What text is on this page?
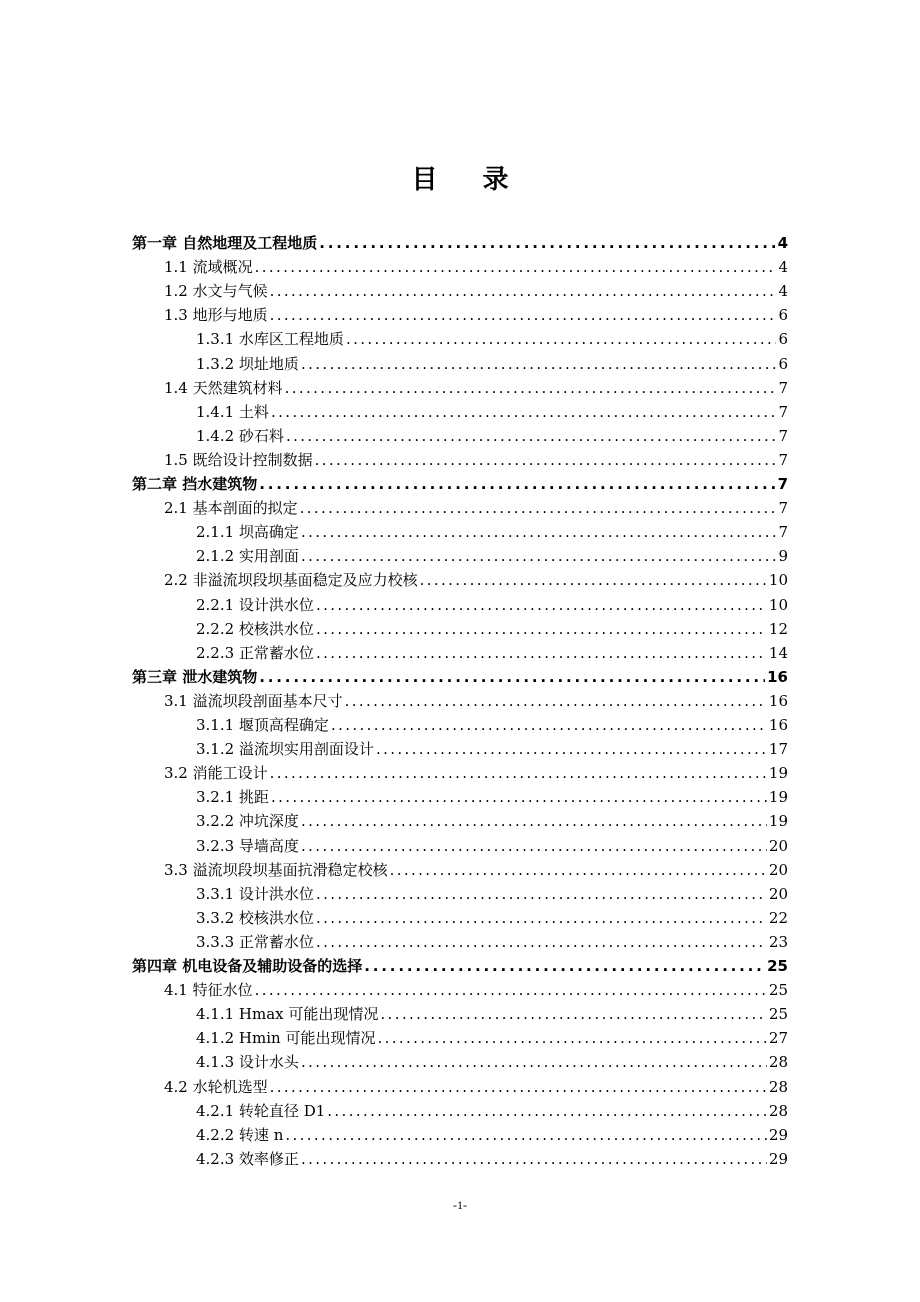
目 录
第一章 自然地理及工程地质 . . .	4
1.1 流域概况 . . .	4
1.2 水文与气候 . . .	4
1.3 地形与地质 . . .	6
1.3.1 水库区工程地质 . . .	6
1.3.2 坝址地质 . . .	6
1.4 天然建筑材料 . . .	7
1.4.1 土料 . . .	7
1.4.2 砂石料 . . .	7
1.5 既给设计控制数据 . . .	7
第二章 挡水建筑物 . . .	7
2.1 基本剖面的拟定 . . .	7
2.1.1 坝高确定 . . .	7
2.1.2 实用剖面 . . .	9
2.2 非溢流坝段坝基面稳定及应力校核 . . .	10
2.2.1 设计洪水位 . . .	10
2.2.2 校核洪水位 . . .	12
2.2.3 正常蓄水位 . . .	14
第三章 泄水建筑物 . . .	16
3.1 溢流坝段剖面基本尺寸 . . .	16
3.1.1 堰顶高程确定 . . .	16
3.1.2 溢流坝实用剖面设计 . . .	17
3.2 消能工设计 . . .	19
3.2.1 挑距 . . .	19
3.2.2 冲坑深度 . . .	19
3.2.3 导墙高度 . . .	20
3.3 溢流坝段坝基面抗滑稳定校核 . . .	20
3.3.1 设计洪水位 . . .	20
3.3.2 校核洪水位 . . .	22
3.3.3 正常蓄水位 . . .	23
第四章 机电设备及辅助设备的选择 . . .	25
4.1 特征水位 . . .	25
4.1.1 Hmax 可能出现情况 . . .	25
4.1.2 Hmin 可能出现情况 . . .	27
4.1.3 设计水头 . . .	28
4.2 水轮机选型 . . .	28
4.2.1 转轮直径 D1 . . .	28
4.2.2 转速 n . . .	29
4.2.3 效率修正 . . .	29
-1-
